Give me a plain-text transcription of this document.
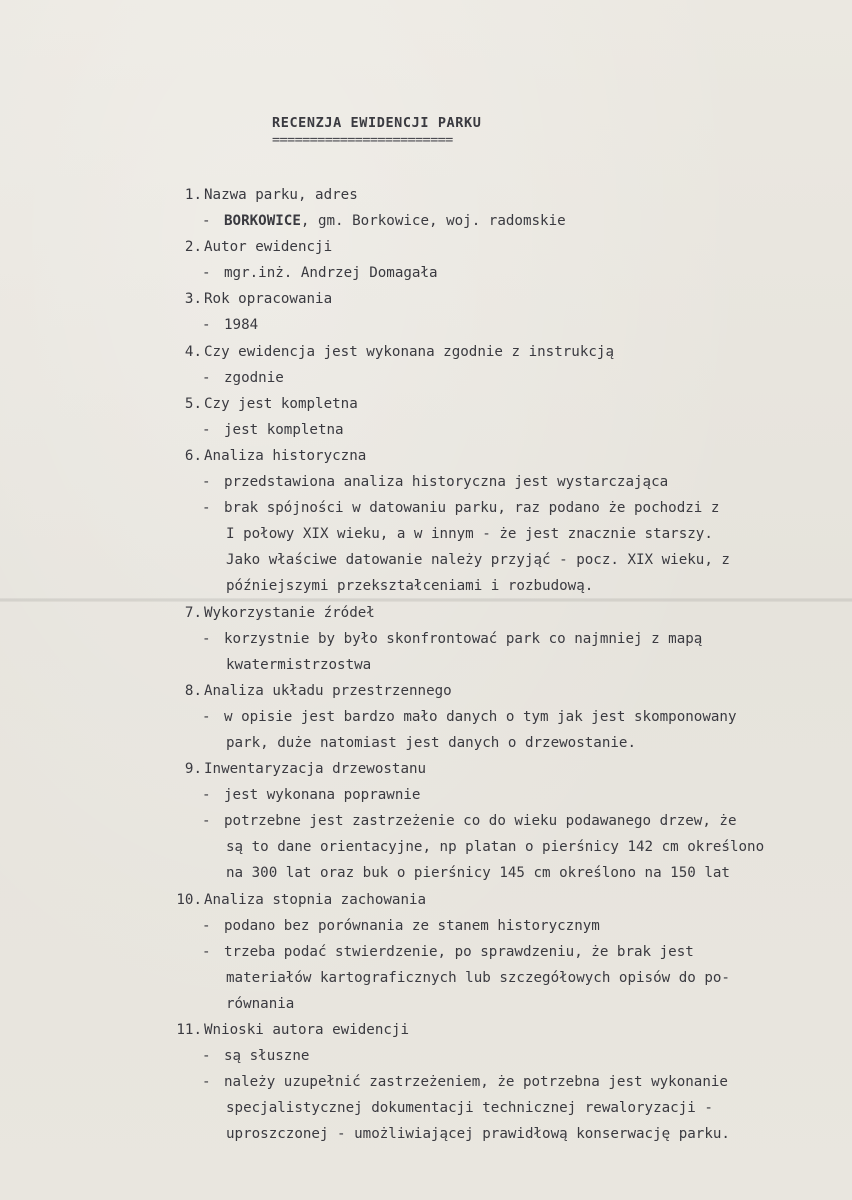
RECENZJA EWIDENCJI PARKU
========================
1. Nazwa parku, adres
- BORKOWICE, gm. Borkowice, woj. radomskie
2. Autor ewidencji
- mgr.inż. Andrzej Domagała
3. Rok opracowania
- 1984
4. Czy ewidencja jest wykonana zgodnie z instrukcją
- zgodnie
5. Czy jest kompletna
- jest kompletna
6. Analiza historyczna
- przedstawiona analiza historyczna jest wystarczająca
- brak spójności w datowaniu parku, raz podano że pochodzi z
I połowy XIX wieku, a w innym - że jest znacznie starszy.
Jako właściwe datowanie należy przyjąć - pocz. XIX wieku, z
późniejszymi przekształceniami i rozbudową.
7. Wykorzystanie źródeł
- korzystnie by było skonfrontować park co najmniej z mapą
kwatermistrzostwa
8. Analiza układu przestrzennego
- w opisie jest bardzo mało danych o tym jak jest skomponowany
park, duże natomiast jest danych o drzewostanie.
9. Inwentaryzacja drzewostanu
- jest wykonana poprawnie
- potrzebne jest zastrzeżenie co do wieku podawanego drzew, że
są to dane orientacyjne, np platan o pierśnicy 142 cm określono
na 300 lat oraz buk o pierśnicy 145 cm określono na 150 lat
10. Analiza stopnia zachowania
- podano bez porównania ze stanem historycznym
- trzeba podać stwierdzenie, po sprawdzeniu, że brak jest
materiałów kartograficznych lub szczegółowych opisów do po-
równania
11. Wnioski autora ewidencji
- są słuszne
- należy uzupełnić zastrzeżeniem, że potrzebna jest wykonanie
specjalistycznej dokumentacji technicznej rewaloryzacji -
uproszczonej - umożliwiającej prawidłową konserwację parku.
